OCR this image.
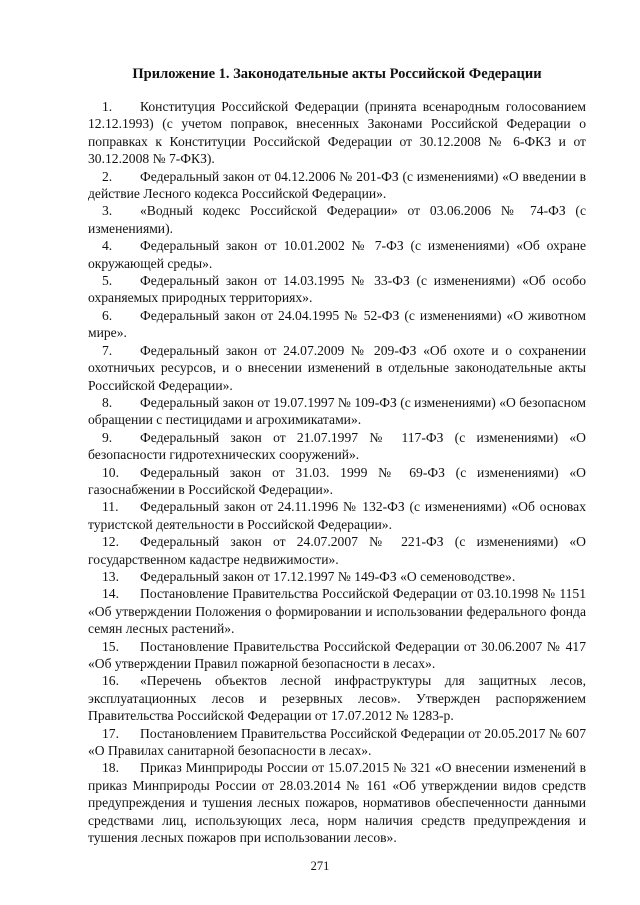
Приложение 1. Законодательные акты Российской Федерации

1. Конституция Российской Федерации (принята всенародным голосованием 12.12.1993) (с учетом поправок, внесенных Законами Российской Федерации о поправках к Конституции Российской Федерации от 30.12.2008 № 6-ФКЗ и от 30.12.2008 № 7-ФКЗ).

2. Федеральный закон от 04.12.2006 № 201-ФЗ (с изменениями) «О введении в действие Лесного кодекса Российской Федерации».

3. «Водный кодекс Российской Федерации» от 03.06.2006 № 74-ФЗ (с изменениями).

4. Федеральный закон от 10.01.2002 № 7-ФЗ (с изменениями) «Об охране окружающей среды».

5. Федеральный закон от 14.03.1995 № 33-ФЗ (с изменениями) «Об особо охраняемых природных территориях».

6. Федеральный закон от 24.04.1995 № 52-ФЗ (с изменениями) «О животном мире».

7. Федеральный закон от 24.07.2009 № 209-ФЗ «Об охоте и о сохранении охотничьих ресурсов, и о внесении изменений в отдельные законодательные акты Российской Федерации».

8. Федеральный закон от 19.07.1997 № 109-ФЗ (с изменениями) «О безопасном обращении с пестицидами и агрохимикатами».

9. Федеральный закон от 21.07.1997 № 117-ФЗ (с изменениями) «О безопасности гидротехнических сооружений».

10. Федеральный закон от 31.03. 1999 № 69-ФЗ (с изменениями) «О газоснабжении в Российской Федерации».

11. Федеральный закон от 24.11.1996 № 132-ФЗ (с изменениями) «Об основах туристской деятельности в Российской Федерации».

12. Федеральный закон от 24.07.2007 № 221-ФЗ (с изменениями) «О государственном кадастре недвижимости».

13. Федеральный закон от 17.12.1997 № 149-ФЗ «О семеноводстве».

14. Постановление Правительства Российской Федерации от 03.10.1998 № 1151 «Об утверждении Положения о формировании и использовании федерального фонда семян лесных растений».

15. Постановление Правительства Российской Федерации от 30.06.2007 № 417 «Об утверждении Правил пожарной безопасности в лесах».

16. «Перечень объектов лесной инфраструктуры для защитных лесов, эксплуатационных лесов и резервных лесов». Утвержден распоряжением Правительства Российской Федерации от 17.07.2012 № 1283-р.

17. Постановлением Правительства Российской Федерации от 20.05.2017 № 607 «О Правилах санитарной безопасности в лесах».

18. Приказ Минприроды России от 15.07.2015 № 321 «О внесении изменений в приказ Минприроды России от 28.03.2014 № 161 «Об утверждении видов средств предупреждения и тушения лесных пожаров, нормативов обеспеченности данными средствами лиц, использующих леса, норм наличия средств предупреждения и тушения лесных пожаров при использовании лесов».

271
